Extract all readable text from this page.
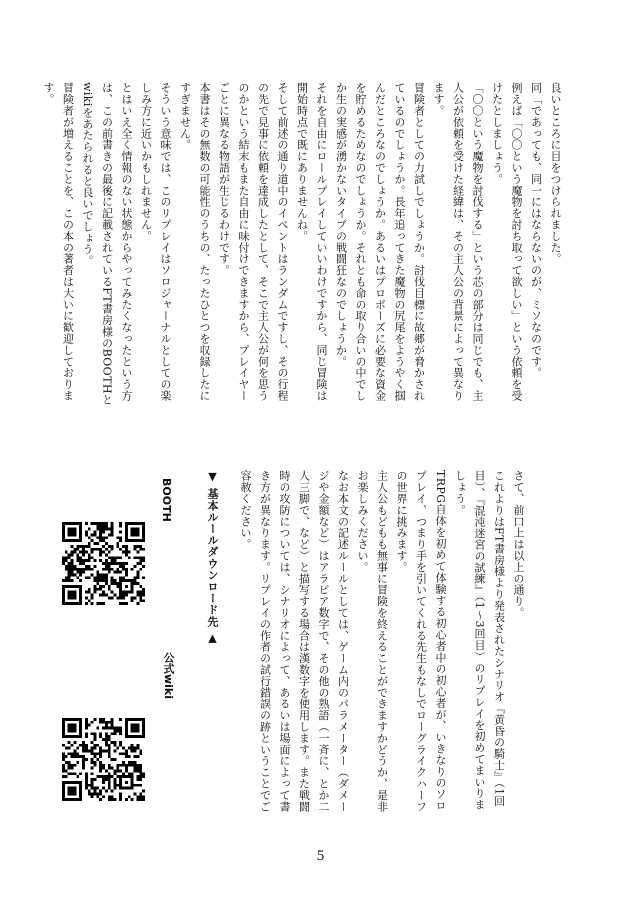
良いところに目をつけられました。
同「であっても、同一にはならないのが、ミソなのです。
例えば「〇〇という魔物を討ち取って欲しい」という依頼を受けたとしましょう。
「〇〇という魔物を討伐する」という芯の部分は同じでも、主人公が依頼を受けた経緯は、その主人公の背景によって異なります。
冒険者としての力試しでしょうか。討伐目標に故郷が脅かされているのでしょうか。長年追ってきた魔物の尻尾をようやく掴んだところなのでしょうか。あるいはプロポーズに必要な資金を貯めるためなのでしょうか。それとも命の取り合いの中でしか生の実感が湧かないタイプの戦闘狂なのでしょうか。
それを自由にロールプレイしていいわけですから、同じ冒険は開始時点で既にありませんね。
そして前述の通り道中のイベントはランダムですし、その行程の先で見事に依頼を達成したとして、そこで主人公が何を思うのかという結末もまた自由に味付けできますから、プレイヤーごとに異なる物語が生じるわけです。
本書はその無数の可能性のうちの、たったひとつを収録したにすぎません。
そういう意味では、このリプレイはソロジャーナルとしての楽しみ方に近いかもしれません。
とはいえ全く情報のない状態からやってみたくなったという方は、この前書きの最後に記載されているFT書房様のBOOTHとwikiをあたられると良いでしょう。
冒険者が増えることを、この本の著者は大いに歓迎しております。
さて、前口上は以上の通り。
これよりはFT書房様より発表されたシナリオ『黄昏の騎士』（1回目）、『混沌迷宮の試練』（1〜3回目）のリプレイを初めてまいりましょう。
TRPG自体を初めて体験する初心者中の初心者が、いきなりのソロプレイ、つまり手を引いてくれる先生もなしでローグライクハーフの世界に挑みます。
主人公もどもも無事に冒険を終えることができますかどうか、是非お楽しみください。
なお本文の記述ルールとしては、ゲーム内のパラメーター（ダメージや金額など）はアラビア数字で、その他の熟語（一斉に、とか二人三脚で、など）と描写する場合は漢数字を使用します。また戦闘時の攻防については、シナリオによって、あるいは場面によって書き方が異なります。リプレイの作者の試行錯誤の跡ということでご容赦ください。
▼ 基本ルールダウンロード先 ▲
BOOTH
公式wiki
5
